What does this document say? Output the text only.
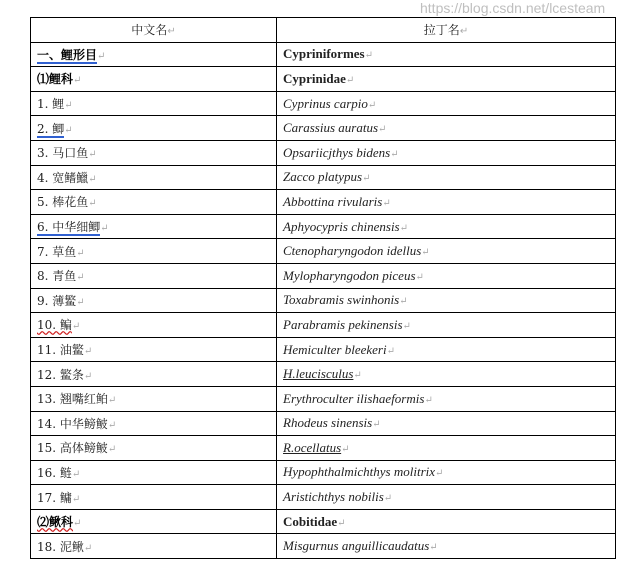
中文名↵	拉丁名↵
一、鲤形目↵	Cypriniformes↵
⑴鲤科↵	Cyprinidae↵
1. 鲤↵	Cyprinus carpio↵
2. 鲫↵	Carassius auratus↵
3. 马口鱼↵	Opsariicjthys bidens↵
4. 宽鳍鱲↵	Zacco platypus↵
5. 棒花鱼↵	Abbottina rivularis↵
6. 中华细鲫↵	Aphyocypris chinensis↵
7. 草鱼↵	Ctenopharyngodon idellus↵
8. 青鱼↵	Mylopharyngodon piceus↵
9. 薄鳘↵	Toxabramis swinhonis↵
10. 鳊↵	Parabramis pekinensis↵
11. 油鳘↵	Hemiculter bleekeri↵
12. 鳘条↵	H.leucisculus↵
13. 翘嘴红鲌↵	Erythroculter ilishaeformis↵
14. 中华鳑鲏↵	Rhodeus sinensis↵
15. 高体鳑鲏↵	R.ocellatus↵
16. 鲢↵	Hypophthalmichthys molitrix↵
17. 鳙↵	Aristichthys nobilis↵
⑵鳅科↵	Cobitidae↵
18. 泥鳅↵	Misgurnus anguillicaudatus↵
https://blog.csdn.net/lcesteam
